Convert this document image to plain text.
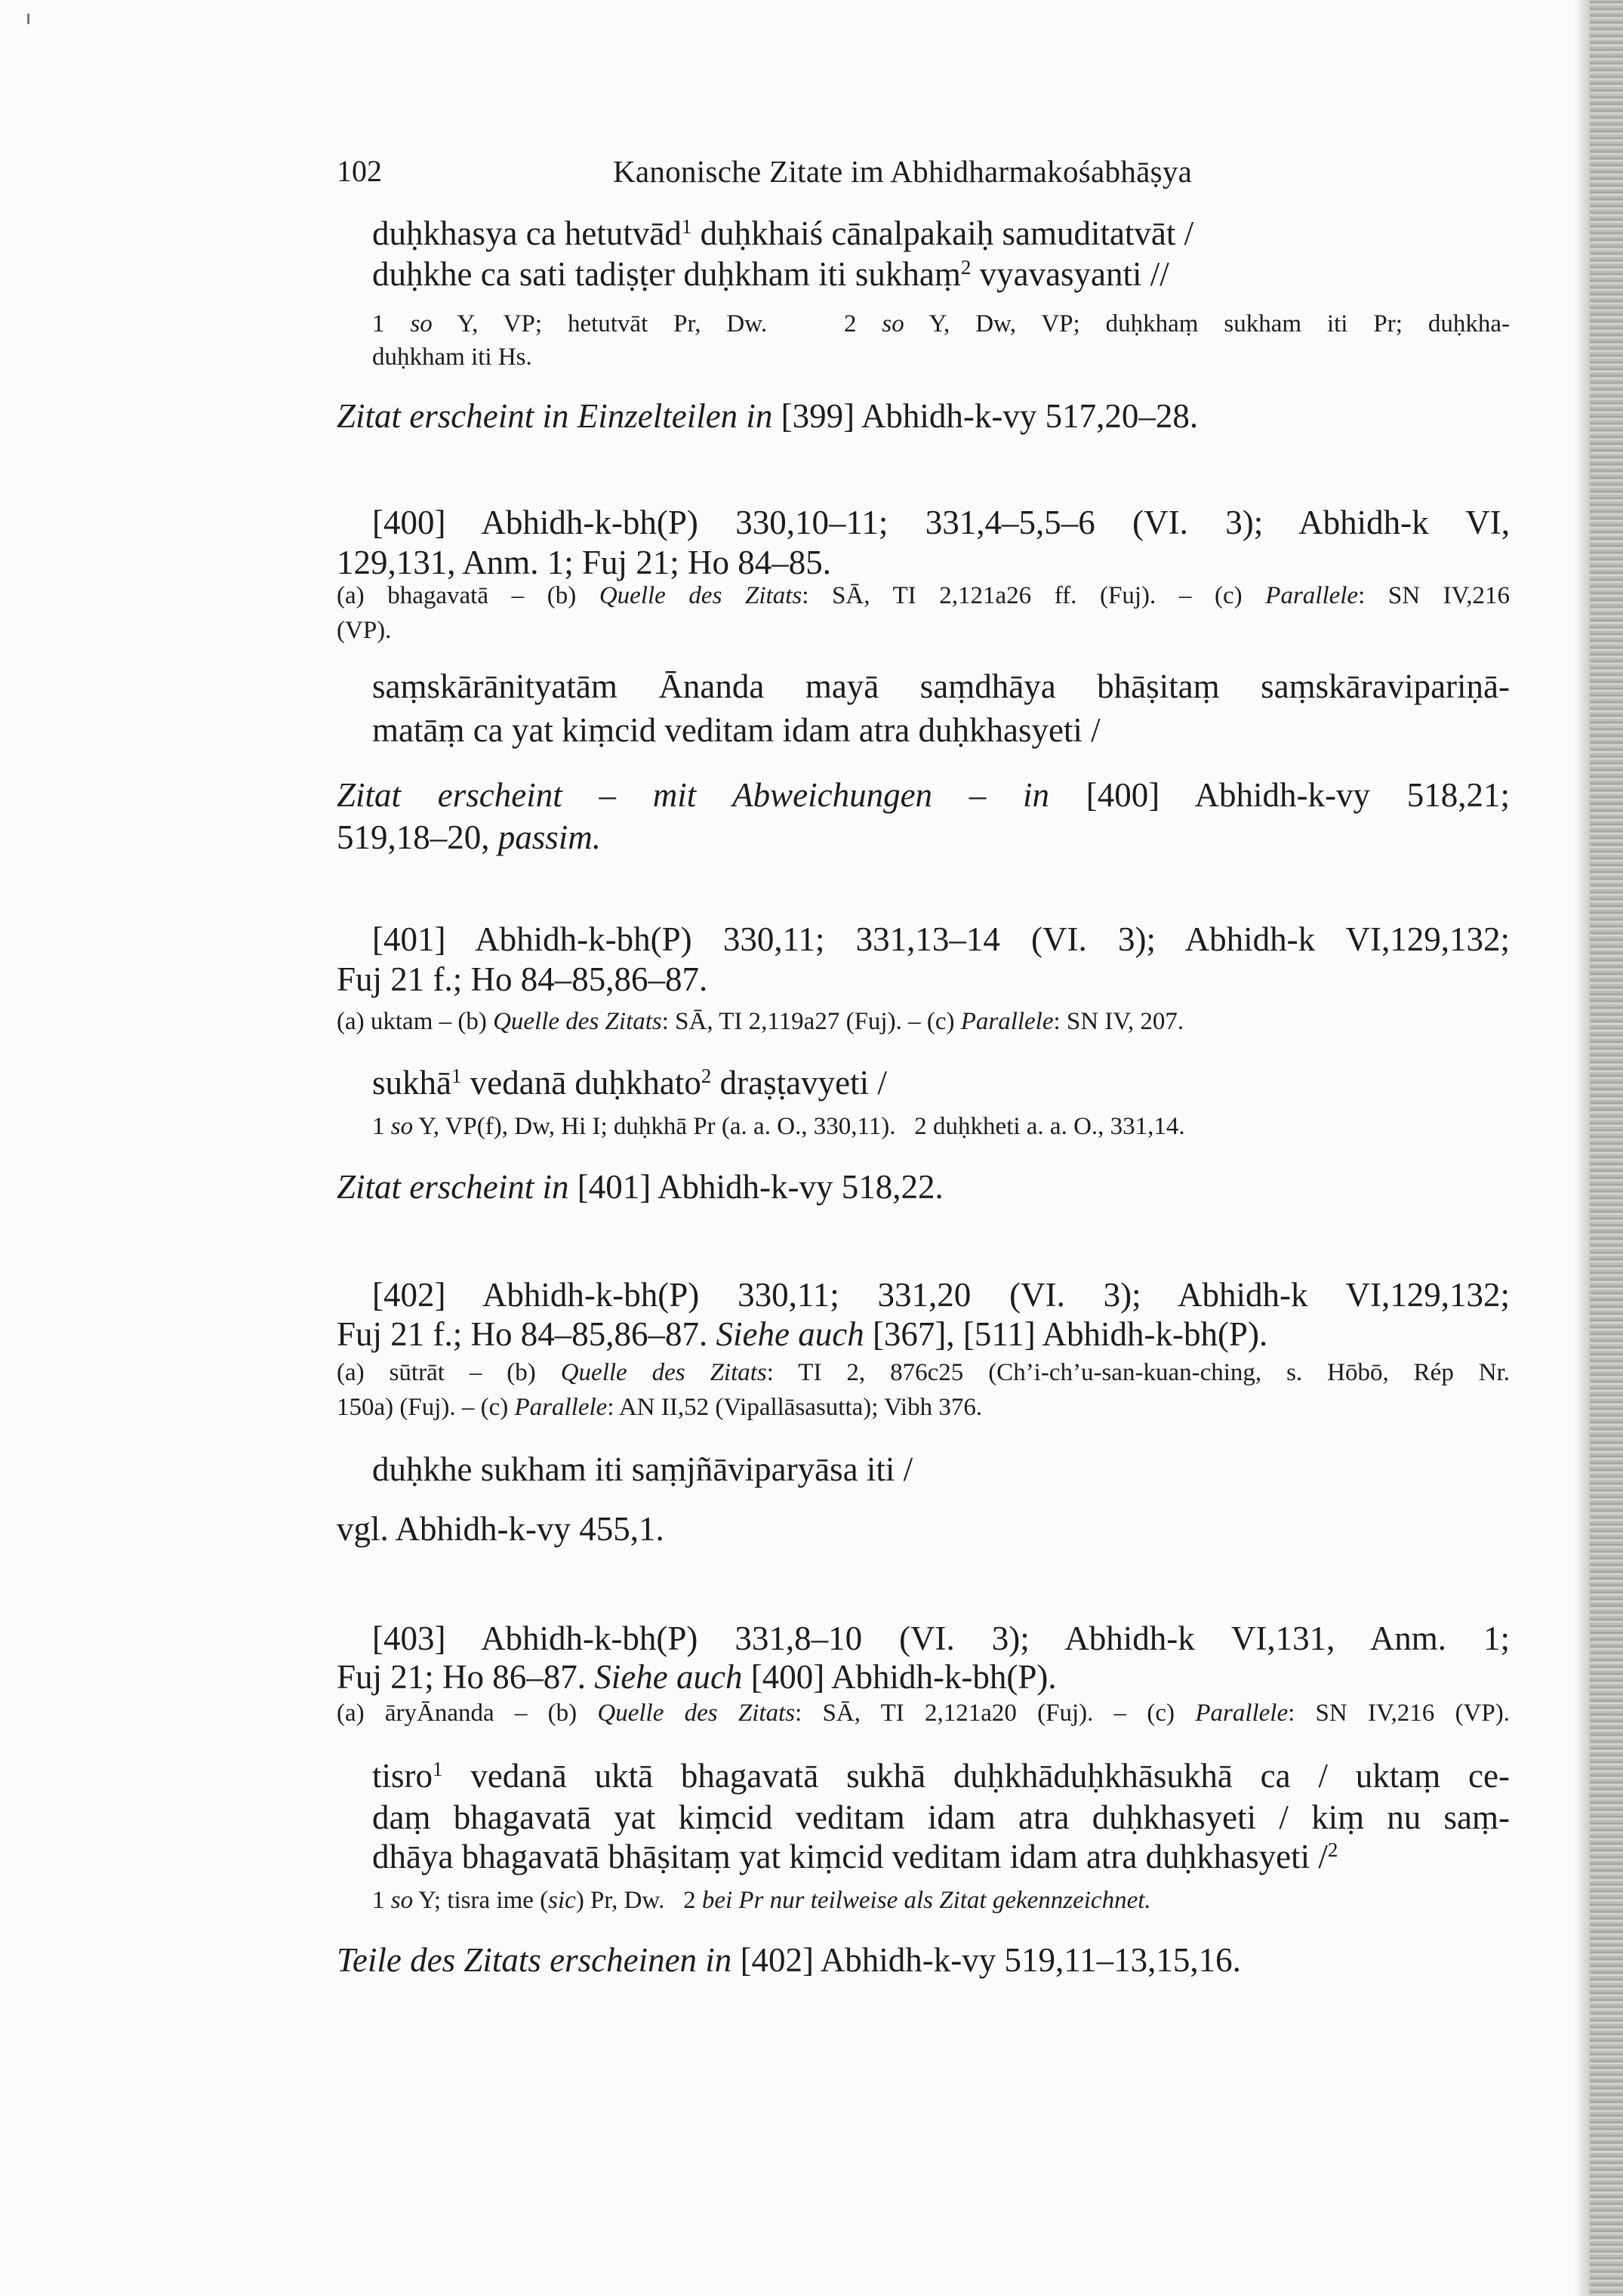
102	Kanonische Zitate im Abhidharmakośabhāṣya
duḥkhasya ca hetutvād$^1$ duḥkhaiś cānalpakaiḥ samuditatvāt /
duḥkhe ca sati tadiṣṭer duḥkham iti sukhaṃ$^2$ vyavasyanti //
1 so Y, VP; hetutvāt Pr, Dw.   2 so Y, Dw, VP; duḥkhaṃ sukham iti Pr; duḥkha-
duḥkham iti Hs.
Zitat erscheint in Einzelteilen in [399] Abhidh-k-vy 517,20–28.
[400] Abhidh-k-bh(P) 330,10–11; 331,4–5,5–6 (VI. 3); Abhidh-k VI,
129,131, Anm. 1; Fuj 21; Ho 84–85.
(a) bhagavatā – (b) Quelle des Zitats: SĀ, TI 2,121a26 ff. (Fuj). – (c) Parallele: SN IV,216
(VP).
saṃskārānityatām Ānanda mayā saṃdhāya bhāṣitaṃ saṃskāravipariṇā-
matāṃ ca yat kiṃcid veditam idam atra duḥkhasyeti /
Zitat erscheint – mit Abweichungen – in [400] Abhidh-k-vy 518,21;
519,18–20, passim.
[401] Abhidh-k-bh(P) 330,11; 331,13–14 (VI. 3); Abhidh-k VI,129,132;
Fuj 21 f.; Ho 84–85,86–87.
(a) uktam – (b) Quelle des Zitats: SĀ, TI 2,119a27 (Fuj). – (c) Parallele: SN IV, 207.
sukhā$^1$ vedanā duḥkhato$^2$ draṣṭavyeti /
1 so Y, VP(f), Dw, Hi I; duḥkhā Pr (a. a. O., 330,11).   2 duḥkheti a. a. O., 331,14.
Zitat erscheint in [401] Abhidh-k-vy 518,22.
[402] Abhidh-k-bh(P) 330,11; 331,20 (VI. 3); Abhidh-k VI,129,132;
Fuj 21 f.; Ho 84–85,86–87. Siehe auch [367], [511] Abhidh-k-bh(P).
(a) sūtrāt – (b) Quelle des Zitats: TI 2, 876c25 (Ch’i-ch’u-san-kuan-ching, s. Hōbō, Rép Nr.
150a) (Fuj). – (c) Parallele: AN II,52 (Vipallāsasutta); Vibh 376.
duḥkhe sukham iti saṃjñāviparyāsa iti /
vgl. Abhidh-k-vy 455,1.
[403] Abhidh-k-bh(P) 331,8–10 (VI. 3); Abhidh-k VI,131, Anm. 1;
Fuj 21; Ho 86–87. Siehe auch [400] Abhidh-k-bh(P).
(a) āryĀnanda – (b) Quelle des Zitats: SĀ, TI 2,121a20 (Fuj). – (c) Parallele: SN IV,216 (VP).
tisro$^1$ vedanā uktā bhagavatā sukhā duḥkhāduḥkhāsukhā ca / uktaṃ ce-
daṃ bhagavatā yat kiṃcid veditam idam atra duḥkhasyeti / kiṃ nu saṃ-
dhāya bhagavatā bhāṣitaṃ yat kiṃcid veditam idam atra duḥkhasyeti /$^2$
1 so Y; tisra ime (sic) Pr, Dw.   2 bei Pr nur teilweise als Zitat gekennzeichnet.
Teile des Zitats erscheinen in [402] Abhidh-k-vy 519,11–13,15,16.
